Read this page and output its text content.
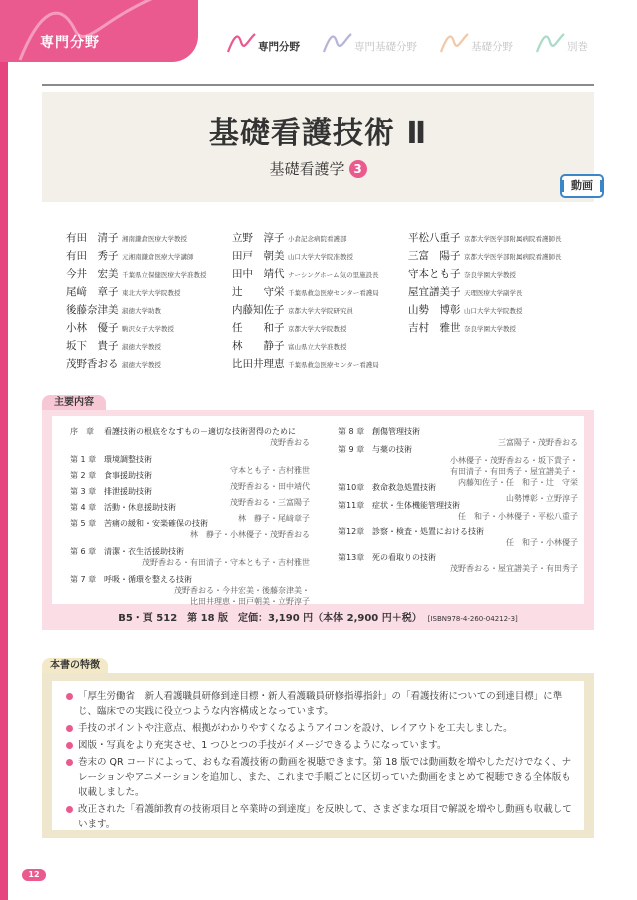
専門分野	専門分野	専門基礎分野	基礎分野	別巻
基礎看護技術 Ⅱ
基礎看護学 3
動画
有田　清子 湘南鎌倉医療大学教授
有田　秀子 元湘南鎌倉医療大学講師
今井　宏美 千葉県立保健医療大学准教授
尾﨑　章子 東北大学大学院教授
後藤奈津美 淑徳大学助教
小林　優子 駒沢女子大学教授
坂下　貴子 淑徳大学教授
茂野香おる 淑徳大学教授
立野　淳子 小倉記念病院看護部
田戸　朝美 山口大学大学院准教授
田中　靖代 ナーシングホーム気の里施設長
辻　　守栄 千葉県救急医療センター看護局
内藤知佐子 京都大学大学院研究員
任　　和子 京都大学大学院教授
林　　静子 富山県立大学准教授
比田井理恵 千葉県救急医療センター看護局
平松八重子 京都大学医学部附属病院看護師長
三富　陽子 京都大学医学部附属病院看護師長
守本とも子 奈良学園大学教授
屋宜譜美子 天理医療大学副学長
山勢　博彰 山口大学大学院教授
吉村　雅世 奈良学園大学教授
主要内容
序　章	看護技術の根底をなすもの－適切な技術習得のために
茂野香おる
第 1 章 環境調整技術
守本とも子・吉村雅世
第 2 章 食事援助技術
茂野香おる・田中靖代
第 3 章 排泄援助技術
茂野香おる・三富陽子
第 4 章 活動・休息援助技術
林　静子・尾﨑章子
第 5 章 苦痛の緩和・安楽確保の技術
林　静子・小林優子・茂野香おる
第 6 章 清潔・衣生活援助技術
茂野香おる・有田清子・守本とも子・吉村雅世
第 7 章 呼吸・循環を整える技術
茂野香おる・今井宏美・後藤奈津美・
比田井理恵・田戸朝美・立野淳子
第 8 章 創傷管理技術
三富陽子・茂野香おる
第 9 章 与薬の技術
小林優子・茂野香おる・坂下貴子・
有田清子・有田秀子・屋宜譜美子・
内藤知佐子・任　和子・辻　守栄
第10章 救命救急処置技術
山勢博彰・立野淳子
第11章 症状・生体機能管理技術
任　和子・小林優子・平松八重子
第12章 診察・検査・処置における技術
任　和子・小林優子
第13章 死の看取りの技術
茂野香おる・屋宜譜美子・有田秀子
B5・頁 512　第 18 版　定価：3,190 円（本体 2,900 円＋税） [ISBN978-4-260-04212-3]
本書の特徴
「厚生労働省　新人看護職員研修到達目標・新人看護職員研修指導指針」の「看護技術についての到達目標」に準じ、臨床での実践に役立つような内容構成となっています。
手技のポイントや注意点、根拠がわかりやすくなるようアイコンを設け、レイアウトを工夫しました。
図版・写真をより充実させ、1 つひとつの手技がイメージできるようになっています。
巻末の QR コードによって、おもな看護技術の動画を視聴できます。第 18 版では動画数を増やしただけでなく、ナレーションやアニメーションを追加し、また、これまで手順ごとに区切っていた動画をまとめて視聴できる全体版も収載しました。
改正された「看護師教育の技術項目と卒業時の到達度」を反映して、さまざまな項目で解説を増やし動画も収載しています。
12
